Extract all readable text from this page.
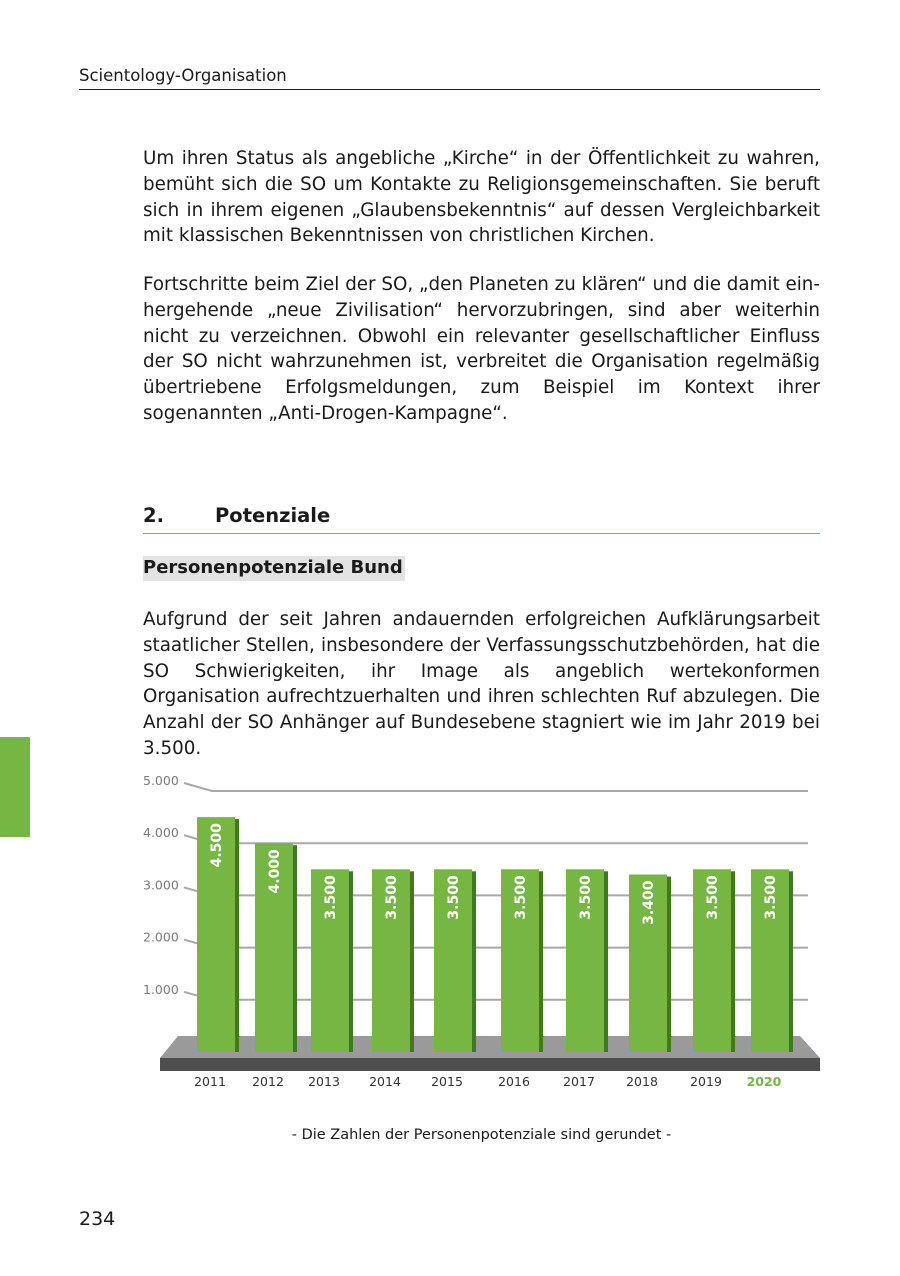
Scientology-Organisation

Um ihren Status als angebliche „Kirche“ in der Öffentlichkeit zu wahren, bemüht sich die SO um Kontakte zu Religionsgemeinschaften. Sie beruft sich in ihrem eigenen „Glaubensbekenntnis“ auf dessen Vergleichbarkeit mit klassischen Bekenntnissen von christlichen Kirchen.

Fortschritte beim Ziel der SO, „den Planeten zu klären“ und die damit einhergehende „neue Zivilisation“ hervorzubringen, sind aber weiterhin nicht zu verzeichnen. Obwohl ein relevanter gesellschaftlicher Einfluss der SO nicht wahrzunehmen ist, verbreitet die Organisation regelmäßig übertriebene Erfolgsmeldungen, zum Beispiel im Kontext ihrer sogenannten „Anti-Drogen-Kampagne“.

2.	Potenziale
Personenpotenziale Bund

Aufgrund der seit Jahren andauernden erfolgreichen Aufklärungsarbeit staatlicher Stellen, insbesondere der Verfassungsschutzbehörden, hat die SO Schwierigkeiten, ihr Image als angeblich wertekonformen Organisation aufrechtzuerhalten und ihren schlechten Ruf abzulegen. Die Anzahl der SO Anhänger auf Bundesebene stagniert wie im Jahr 2019 bei 3.500.

1.000
2.000
3.000
4.000
5.000
4.500
4.000
3.500	3.500	3.500	3.500	3.500	3.400	3.500	3.500
2011 2012 2013 2014 2015	2016	2017 2018	2019 2020
- Die Zahlen der Personenpotenziale sind gerundet -
234
